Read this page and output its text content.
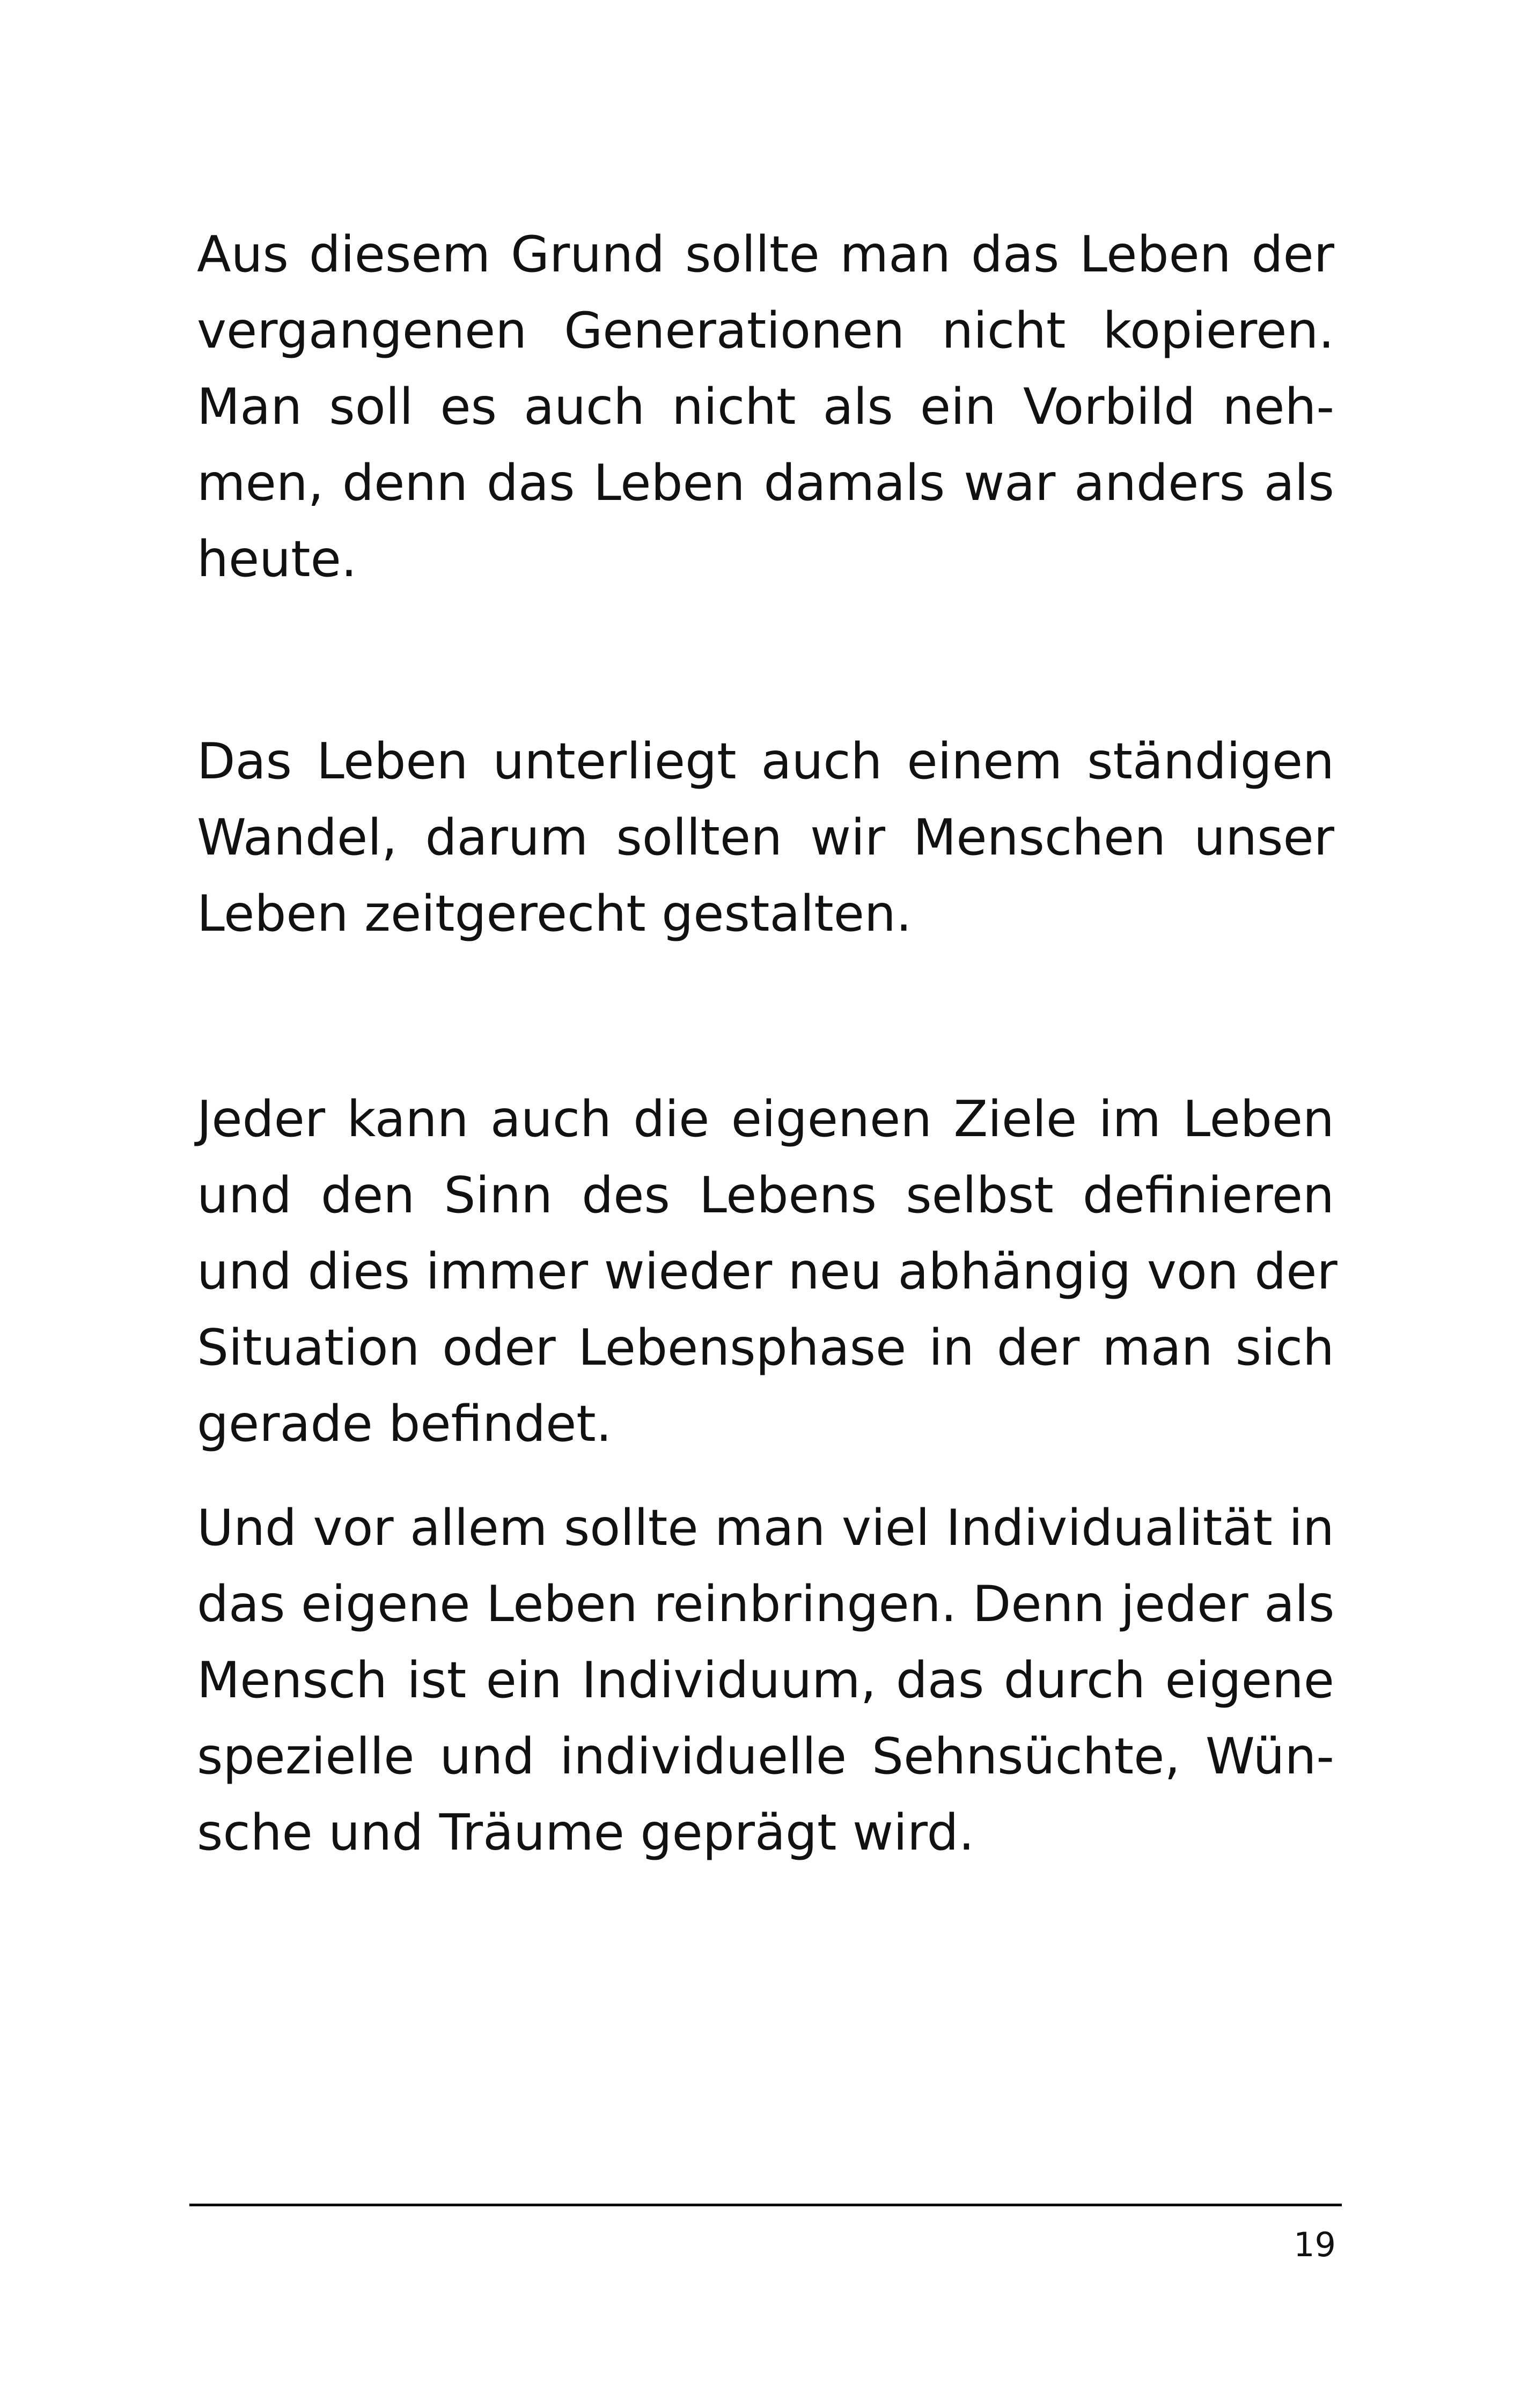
Aus diesem Grund sollte man das Leben der
vergangenen Generationen nicht kopieren.
Man soll es auch nicht als ein Vorbild neh-
men, denn das Leben damals war anders als
heute.

Das Leben unterliegt auch einem ständigen
Wandel, darum sollten wir Menschen unser
Leben zeitgerecht gestalten.

Jeder kann auch die eigenen Ziele im Leben
und den Sinn des Lebens selbst definieren
und dies immer wieder neu abhängig von der
Situation oder Lebensphase in der man sich
gerade befindet.

Und vor allem sollte man viel Individualität in
das eigene Leben reinbringen. Denn jeder als
Mensch ist ein Individuum, das durch eigene
spezielle und individuelle Sehnsüchte, Wün-
sche und Träume geprägt wird.

19
